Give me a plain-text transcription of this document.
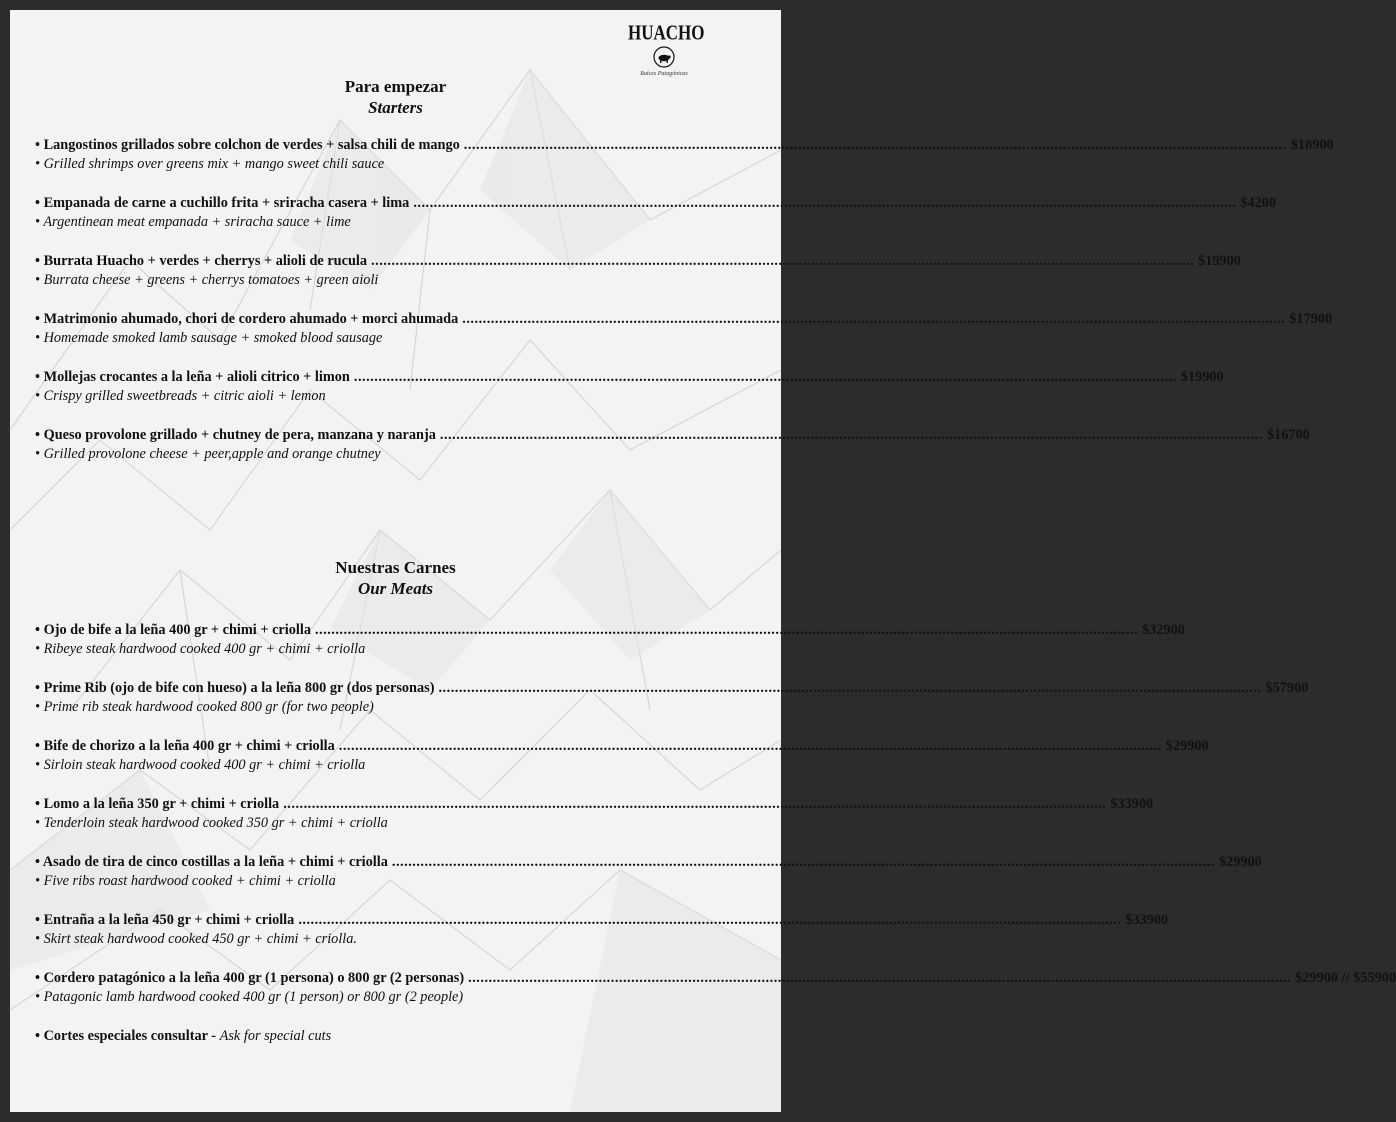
HUACHO
Raíces Patagónicas
Para empezar
Starters
• Langostinos grillados sobre colchon de verdes + salsa chili de mango .......................................................................................................................................................................................................... $18900
• Grilled shrimps over greens mix + mango sweet chili sauce
• Empanada de carne a cuchillo frita + sriracha casera + lima .......................................................................................................................................................................................................... $4200
• Argentinean meat empanada + sriracha sauce + lime
• Burrata Huacho + verdes + cherrys + alioli de rucula .......................................................................................................................................................................................................... $19900
• Burrata cheese + greens + cherrys tomatoes + green aioli
• Matrimonio ahumado, chori de cordero ahumado + morci ahumada .......................................................................................................................................................................................................... $17900
• Homemade smoked lamb sausage + smoked blood sausage
• Mollejas crocantes a la leña + alioli citrico + limon .......................................................................................................................................................................................................... $19900
• Crispy grilled sweetbreads + citric aioli + lemon
• Queso provolone grillado + chutney de pera, manzana y naranja .......................................................................................................................................................................................................... $16700
• Grilled provolone cheese + peer,apple and orange chutney
Nuestras Carnes
Our Meats
• Ojo de bife a la leña 400 gr + chimi + criolla .......................................................................................................................................................................................................... $32900
• Ribeye steak hardwood cooked 400 gr + chimi + criolla
• Prime Rib (ojo de bife con hueso) a la leña 800 gr (dos personas) .......................................................................................................................................................................................................... $57900
• Prime rib steak hardwood cooked 800 gr (for two people)
• Bife de chorizo a la leña 400 gr + chimi + criolla .......................................................................................................................................................................................................... $29900
• Sirloin steak hardwood cooked 400 gr + chimi + criolla
• Lomo a la leña 350 gr + chimi + criolla .......................................................................................................................................................................................................... $33900
• Tenderloin steak hardwood cooked 350 gr + chimi + criolla
• Asado de tira de cinco costillas a la leña + chimi + criolla .......................................................................................................................................................................................................... $29900
• Five ribs roast hardwood cooked + chimi + criolla
• Entraña a la leña 450 gr + chimi + criolla .......................................................................................................................................................................................................... $33900
• Skirt steak hardwood cooked 450 gr + chimi + criolla.
• Cordero patagónico a la leña 400 gr (1 persona) o 800 gr (2 personas) .......................................................................................................................................................................................................... $29900 // $55900
• Patagonic lamb hardwood cooked 400 gr (1 person) or 800 gr (2 people)
• Cortes especiales consultar - Ask for special cuts
